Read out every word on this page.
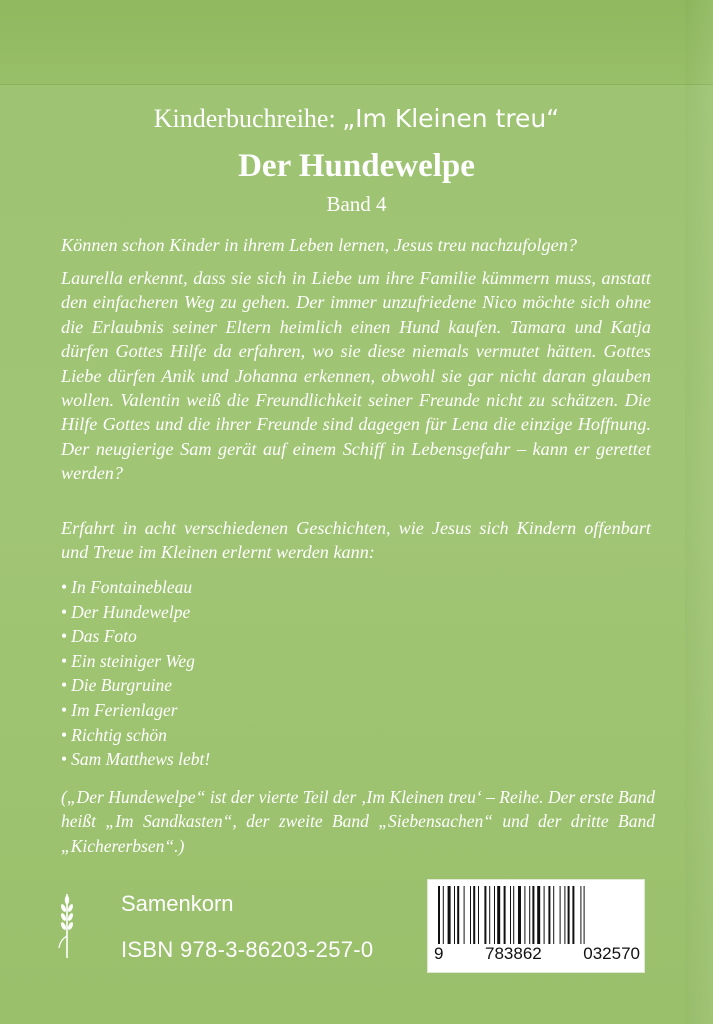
Kinderbuchreihe: „Im Kleinen treu“
Der Hundewelpe
Band 4
Können schon Kinder in ihrem Leben lernen, Jesus treu nachzufolgen?
Laurella erkennt, dass sie sich in Liebe um ihre Familie kümmern muss, anstatt den einfacheren Weg zu gehen. Der immer unzufriedene Nico möchte sich ohne die Erlaubnis seiner Eltern heimlich einen Hund kaufen. Tamara und Katja dürfen Gottes Hilfe da erfahren, wo sie diese niemals vermutet hätten. Gottes Liebe dürfen Anik und Johanna erkennen, obwohl sie gar nicht daran glauben wollen. Valentin weiß die Freundlichkeit seiner Freunde nicht zu schätzen. Die Hilfe Gottes und die ihrer Freunde sind dagegen für Lena die einzige Hoffnung. Der neugierige Sam gerät auf einem Schiff in Lebensgefahr – kann er gerettet werden?
Erfahrt in acht verschiedenen Geschichten, wie Jesus sich Kindern offenbart und Treue im Kleinen erlernt werden kann:
• In Fontainebleau
• Der Hundewelpe
• Das Foto
• Ein steiniger Weg
• Die Burgruine
• Im Ferienlager
• Richtig schön
• Sam Matthews lebt!
(„Der Hundewelpe“ ist der vierte Teil der ‚Im Kleinen treu‘ – Reihe. Der erste Band heißt „Im Sandkasten“, der zweite Band „Siebensachen“ und der dritte Band „Kichererbsen“.)
Samenkorn
ISBN 978-3-86203-257-0	9 783862 032570
